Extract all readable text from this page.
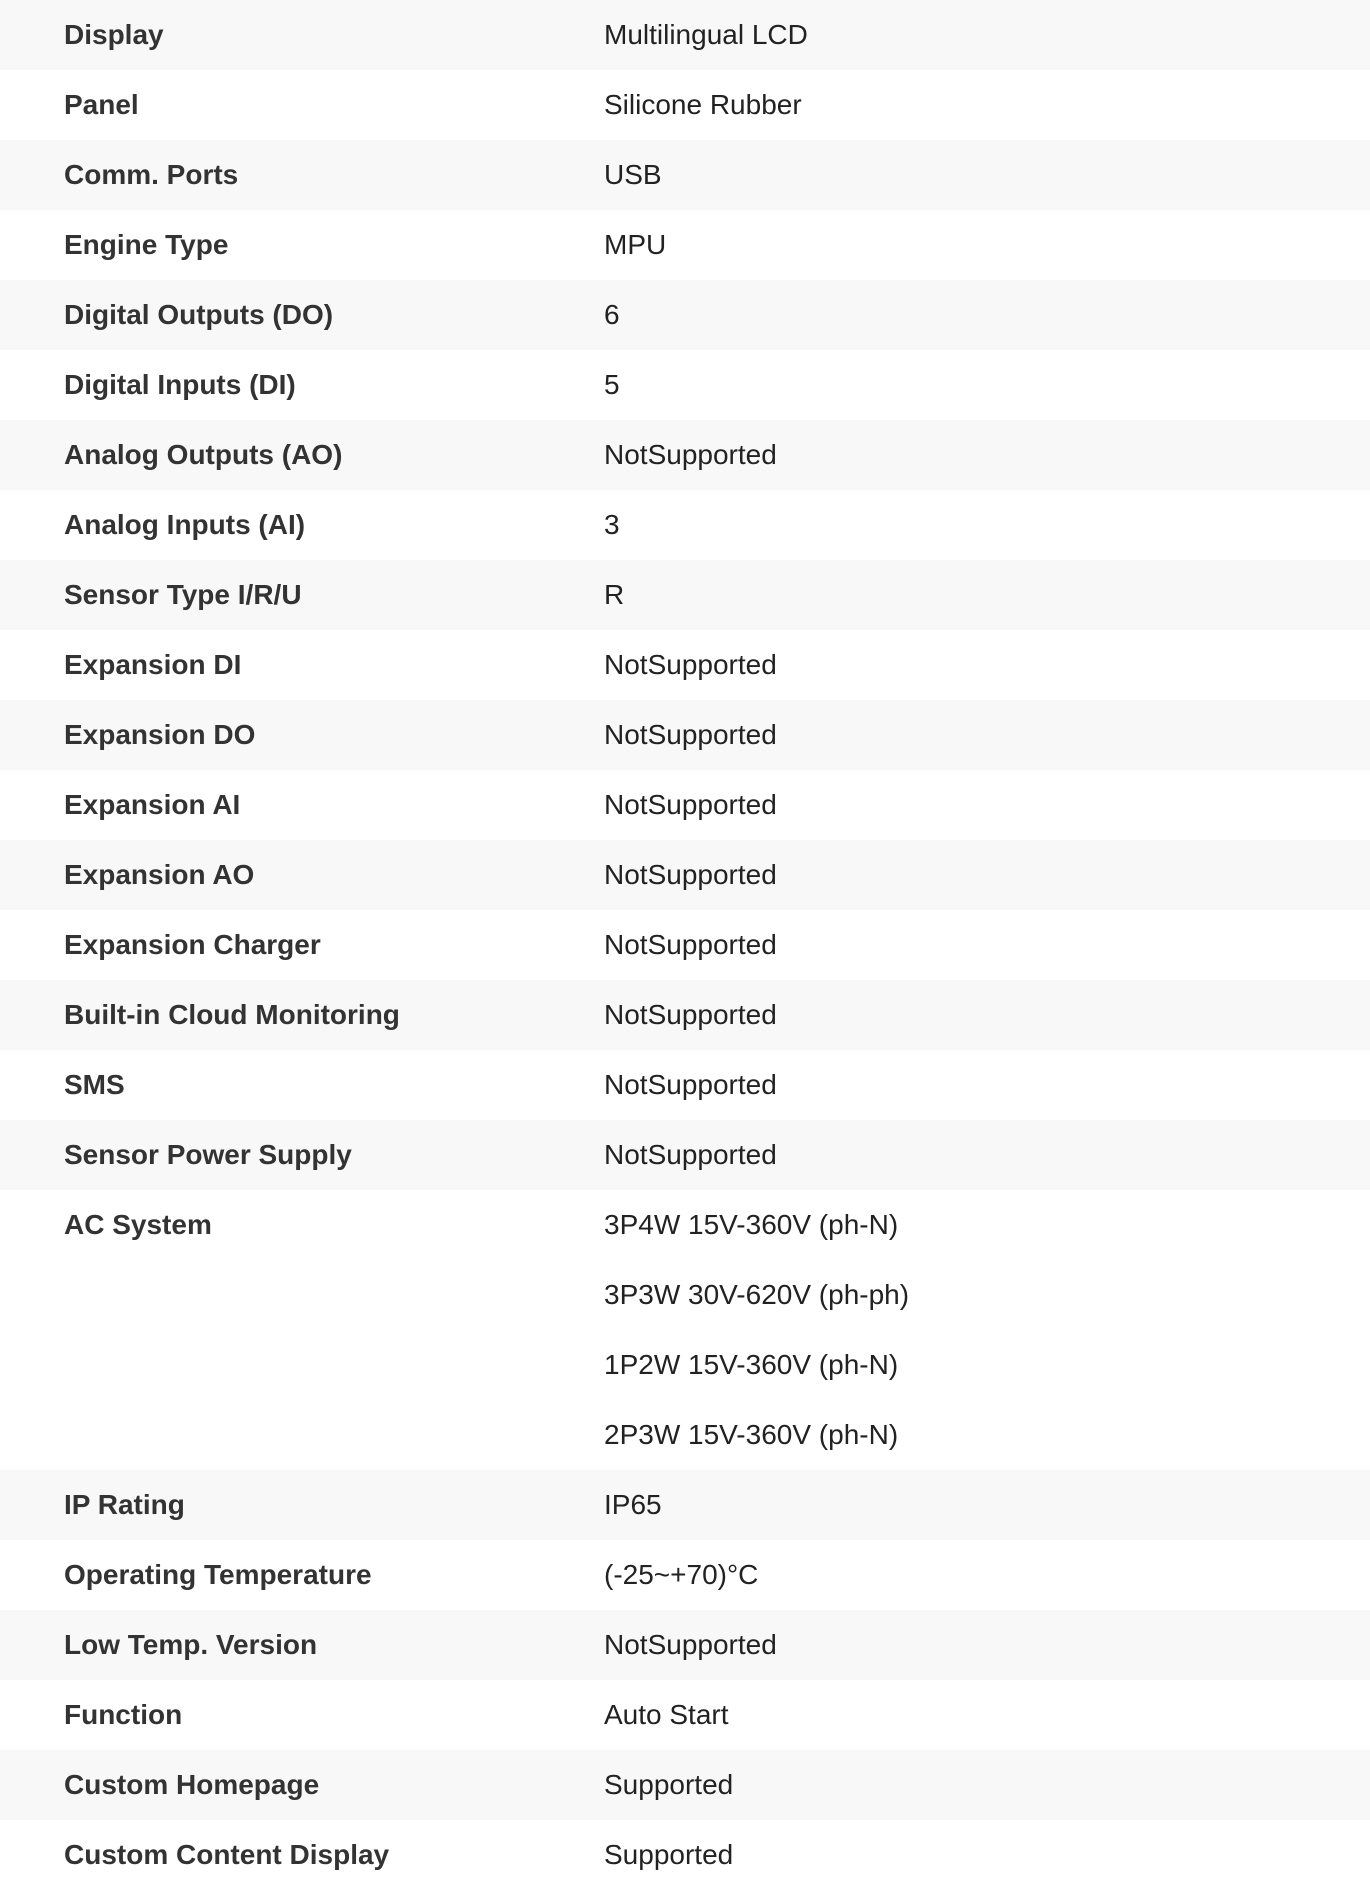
Display	Multilingual LCD
Panel	Silicone Rubber
Comm. Ports	USB
Engine Type	MPU
Digital Outputs (DO)	6
Digital Inputs (DI)	5
Analog Outputs (AO)	NotSupported
Analog Inputs (AI)	3
Sensor Type I/R/U	R
Expansion DI	NotSupported
Expansion DO	NotSupported
Expansion AI	NotSupported
Expansion AO	NotSupported
Expansion Charger	NotSupported
Built-in Cloud Monitoring	NotSupported
SMS	NotSupported
Sensor Power Supply	NotSupported
AC System	3P4W 15V-360V (ph-N)
3P3W 30V-620V (ph-ph)
1P2W 15V-360V (ph-N)
2P3W 15V-360V (ph-N)
IP Rating	IP65
Operating Temperature	(-25~+70)°C
Low Temp. Version	NotSupported
Function	Auto Start
Custom Homepage	Supported
Custom Content Display	Supported
